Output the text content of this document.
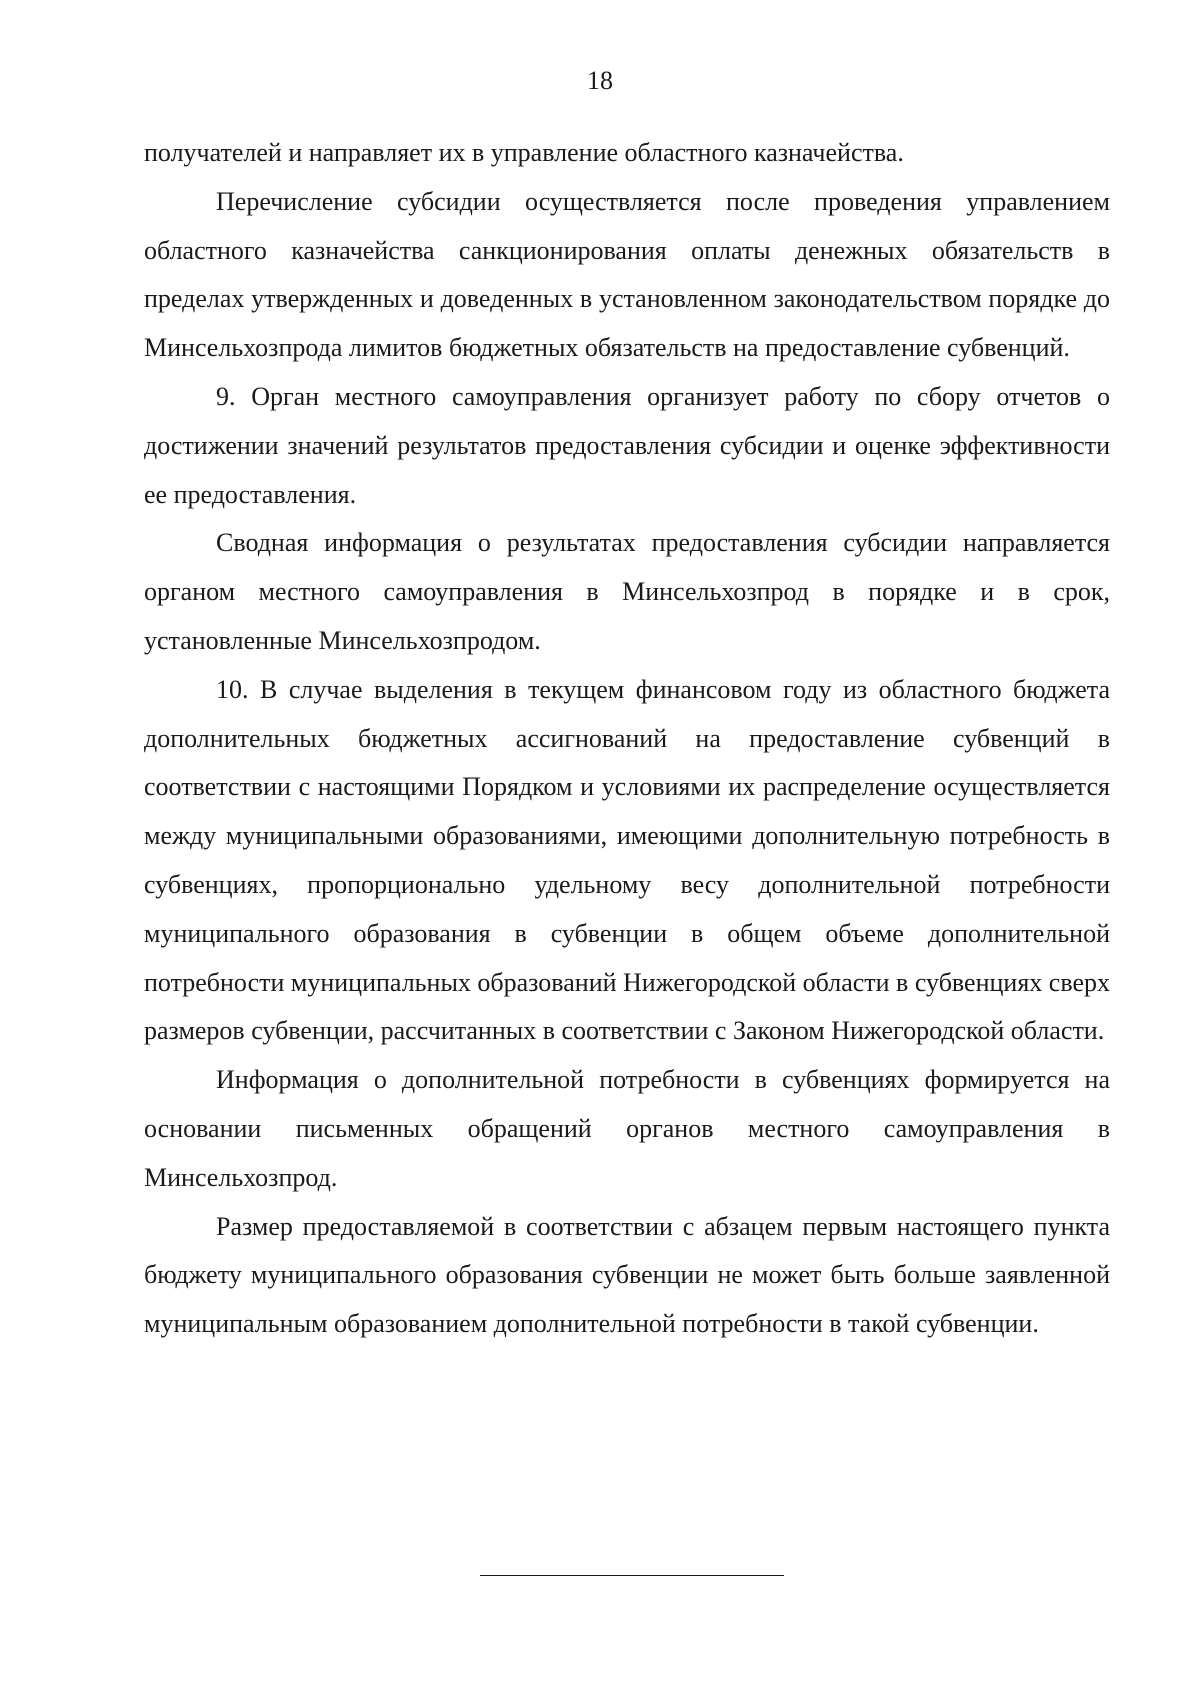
18

получателей и направляет их в управление областного казначейства.

Перечисление субсидии осуществляется после проведения управлением областного казначейства санкционирования оплаты денежных обязательств в пределах утвержденных и доведенных в установленном законодательством порядке до Минсельхозпрода лимитов бюджетных обязательств на предоставление субвенций.

9. Орган местного самоуправления организует работу по сбору отчетов о достижении значений результатов предоставления субсидии и оценке эффективности ее предоставления.

Сводная информация о результатах предоставления субсидии направляется органом местного самоуправления в Минсельхозпрод в порядке и в срок, установленные Минсельхозпродом.

10. В случае выделения в текущем финансовом году из областного бюджета дополнительных бюджетных ассигнований на предоставление субвенций в соответствии с настоящими Порядком и условиями их распределение осуществляется между муниципальными образованиями, имеющими дополнительную потребность в субвенциях, пропорционально удельному весу дополнительной потребности муниципального образования в субвенции в общем объеме дополнительной потребности муниципальных образований Нижегородской области в субвенциях сверх размеров субвенции, рассчитанных в соответствии с Законом Нижегородской области.

Информация о дополнительной потребности в субвенциях формируется на основании письменных обращений органов местного самоуправления в Минсельхозпрод.

Размер предоставляемой в соответствии с абзацем первым настоящего пункта бюджету муниципального образования субвенции не может быть больше заявленной муниципальным образованием дополнительной потребности в такой субвенции.
